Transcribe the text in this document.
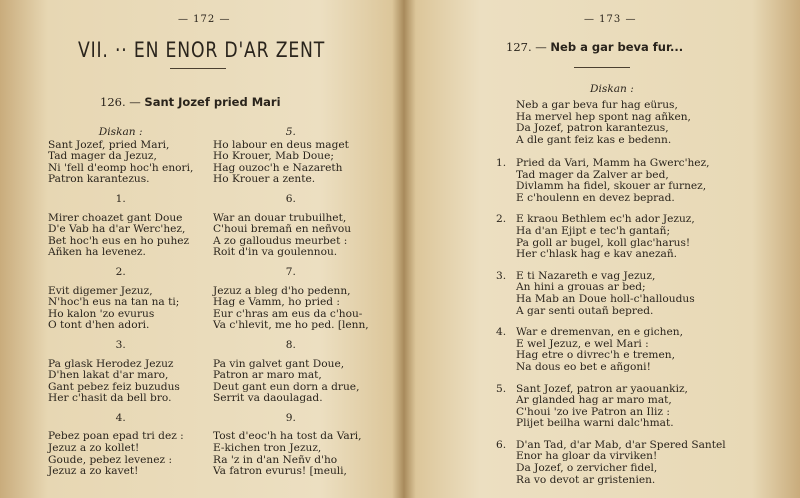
— 172 —
VII. ·· EN ENOR D'AR ZENT
126. — Sant Jozef pried Mari
Diskan :
Sant Jozef, pried Mari,
Tad mager da Jezuz,
Ni 'fell d'eomp hoc'h enori,
Patron karantezus.
1.
Mirer choazet gant Doue
D'e Vab ha d'ar Werc'hez,
Bet hoc'h eus en ho puhez
Añken ha levenez.
2.
Evit digemer Jezuz,
N'hoc'h eus na tan na ti;
Ho kalon 'zo evurus
O tont d'hen adori.
3.
Pa glask Herodez Jezuz
D'hen lakat d'ar maro,
Gant pebez feiz buzudus
Her c'hasit da bell bro.
4.
Pebez poan epad tri dez :
Jezuz a zo kollet!
Goude, pebez levenez :
Jezuz a zo kavet!
5.
Ho labour en deus maget
Ho Krouer, Mab Doue;
Hag ouzoc'h e Nazareth
Ho Krouer a zente.
6.
War an douar trubuilhet,
C'houi bremañ en neñvou
A zo galloudus meurbet :
Roit d'in va goulennou.
7.
Jezuz a bleg d'ho pedenn,
Hag e Vamm, ho pried :
Eur c'hras am eus da c'hou-
Va c'hlevit, me ho ped. [lenn,
8.
Pa vin galvet gant Doue,
Patron ar maro mat,
Deut gant eun dorn a drue,
Serrit va daoulagad.
9.
Tost d'eoc'h ha tost da Vari,
E-kichen tron Jezuz,
Ra 'z in d'an Neñv d'ho
Va fatron evurus! [meuli,
— 173 —
127. — Neb a gar beva fur...
Diskan :
Neb a gar beva fur hag eürus,
Ha mervel hep spont nag añken,
Da Jozef, patron karantezus,
A dle gant feiz kas e bedenn.
1. Pried da Vari, Mamm ha Gwerc'hez,
Tad mager da Zalver ar bed,
Divlamm ha fidel, skouer ar furnez,
E c'houlenn en devez beprad.
2. E kraou Bethlem ec'h ador Jezuz,
Ha d'an Ejipt e tec'h gantañ;
Pa goll ar bugel, koll glac'harus!
Her c'hlask hag e kav anezañ.
3. E ti Nazareth e vag Jezuz,
An hini a grouas ar bed;
Ha Mab an Doue holl-c'halloudus
A gar senti outañ bepred.
4. War e dremenvan, en e gichen,
E wel Jezuz, e wel Mari :
Hag etre o divrec'h e tremen,
Na dous eo bet e añgoni!
5. Sant Jozef, patron ar yaouankiz,
Ar glanded hag ar maro mat,
C'houi 'zo ive Patron an Iliz :
Plijet beilha warni dalc'hmat.
6. D'an Tad, d'ar Mab, d'ar Spered Santel
Enor ha gloar da virviken!
Da Jozef, o zervicher fidel,
Ra vo devot ar gristenien.
